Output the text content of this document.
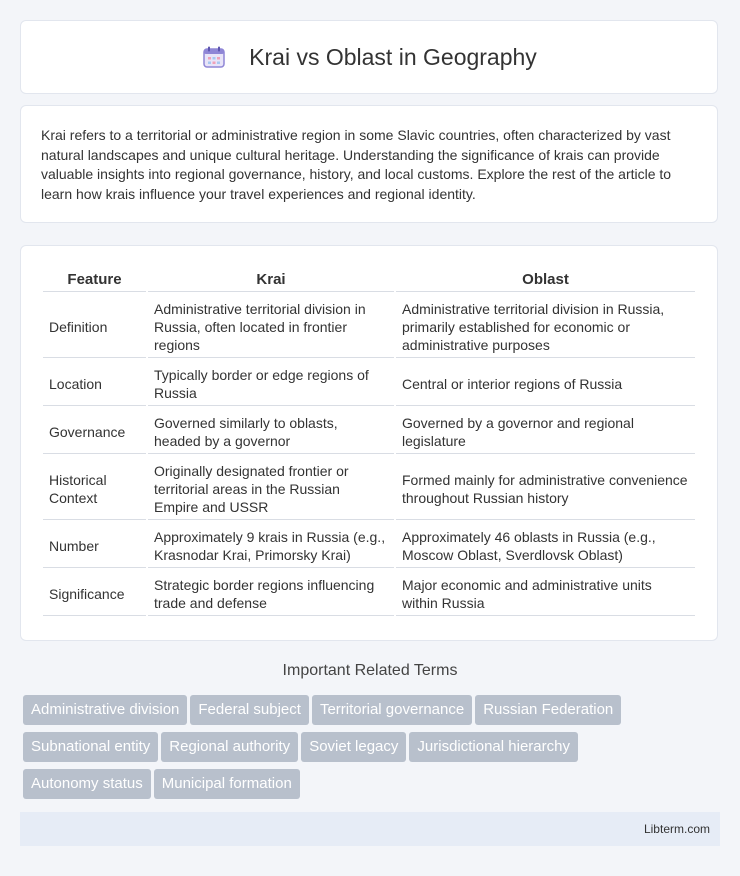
Krai vs Oblast in Geography

Krai refers to a territorial or administrative region in some Slavic countries, often characterized by vast natural landscapes and unique cultural heritage. Understanding the significance of krais can provide valuable insights into regional governance, history, and local customs. Explore the rest of the article to learn how krais influence your travel experiences and regional identity.

Feature	Krai	Oblast
Definition	Administrative territorial division in Russia, often located in frontier regions	Administrative territorial division in Russia, primarily established for economic or administrative purposes
Location	Typically border or edge regions of Russia	Central or interior regions of Russia
Governance	Governed similarly to oblasts, headed by a governor	Governed by a governor and regional legislature
Historical Context	Originally designated frontier or territorial areas in the Russian Empire and USSR	Formed mainly for administrative convenience throughout Russian history
Number	Approximately 9 krais in Russia (e.g., Krasnodar Krai, Primorsky Krai)	Approximately 46 oblasts in Russia (e.g., Moscow Oblast, Sverdlovsk Oblast)
Significance	Strategic border regions influencing trade and defense	Major economic and administrative units within Russia
Important Related Terms
Administrative division Federal subject Territorial governance Russian Federation
Subnational entity Regional authority Soviet legacy Jurisdictional hierarchy
Autonomy status Municipal formation
Libterm.com
